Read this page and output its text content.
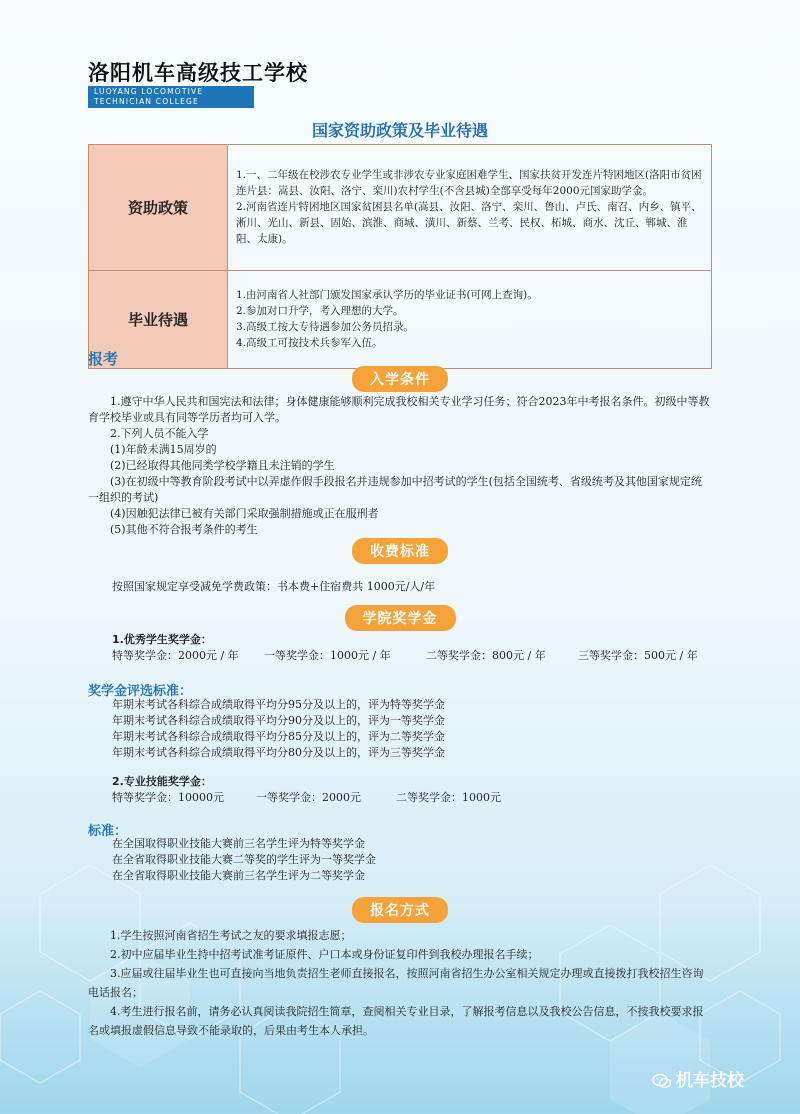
洛阳机车高级技工学校
LUOYANG LOCOMOTIVE TECHNICIAN COLLEGE
国家资助政策及毕业待遇
资助政策	1.一、二年级在校涉农专业学生或非涉农专业家庭困难学生、国家扶贫开发连片特困地区(洛阳市贫困连片县：嵩县、汝阳、洛宁、栾川)农村学生(不含县城)全部享受每年2000元国家助学金。
2.河南省连片特困地区国家贫困县名单(嵩县、汝阳、洛宁、栾川、鲁山、卢氏、南召、内乡、镇平、淅川、光山、新县、固始、滨淮、商城、潢川、新蔡、兰考、民权、柘城、商水、沈丘、郸城、淮阳、太康)。

毕业待遇	1.由河南省人社部门颁发国家承认学历的毕业证书(可网上查询)。
2.参加对口升学，考入理想的大学。
3.高级工按大专待遇参加公务员招录。
4.高级工可按技术兵参军入伍。
报考
入学条件
1.遵守中华人民共和国宪法和法律；身体健康能够顺利完成我校相关专业学习任务；符合2023年中考报名条件。初级中等教育学校毕业或具有同等学历者均可入学。
2.下列人员不能入学
(1)年龄未满15周岁的
(2)已经取得其他同类学校学籍且未注销的学生
(3)在初级中等教育阶段考试中以弄虚作假手段报名并违规参加中招考试的学生(包括全国统考、省级统考及其他国家规定统一组织的考试)
(4)因触犯法律已被有关部门采取强制措施或正在服刑者
(5)其他不符合报考条件的考生
收费标准
按照国家规定享受减免学费政策：书本费+住宿费共 1000元/人/年
学院奖学金
1.优秀学生奖学金：
特等奖学金：2000元 / 年 一等奖学金：1000元 / 年	二等奖学金：800元 / 年	三等奖学金：500元 / 年
奖学金评选标准：
年期末考试各科综合成绩取得平均分95分及以上的，评为特等奖学金
年期末考试各科综合成绩取得平均分90分及以上的，评为一等奖学金
年期末考试各科综合成绩取得平均分85分及以上的，评为二等奖学金
年期末考试各科综合成绩取得平均分80分及以上的，评为三等奖学金
2.专业技能奖学金：
特等奖学金：10000元	一等奖学金：2000元	二等奖学金：1000元
标准：
在全国取得职业技能大赛前三名学生评为特等奖学金
在全省取得职业技能大赛二等奖的学生评为一等奖学金
在全省取得职业技能大赛前三名学生评为二等奖学金
报名方式
1.学生按照河南省招生考试之友的要求填报志愿；
2.初中应届毕业生持中招考试准考证原件、户口本或身份证复印件到我校办理报名手续；
3.应届或往届毕业生也可直接向当地负责招生老师直接报名，按照河南省招生办公室相关规定办理或直接拨打我校招生咨询电话报名；
4.考生进行报名前，请务必认真阅读我院招生简章，查阅相关专业目录，了解报考信息以及我校公告信息，不按我校要求报名或填报虚假信息导致不能录取的，后果由考生本人承担。
机车技校
